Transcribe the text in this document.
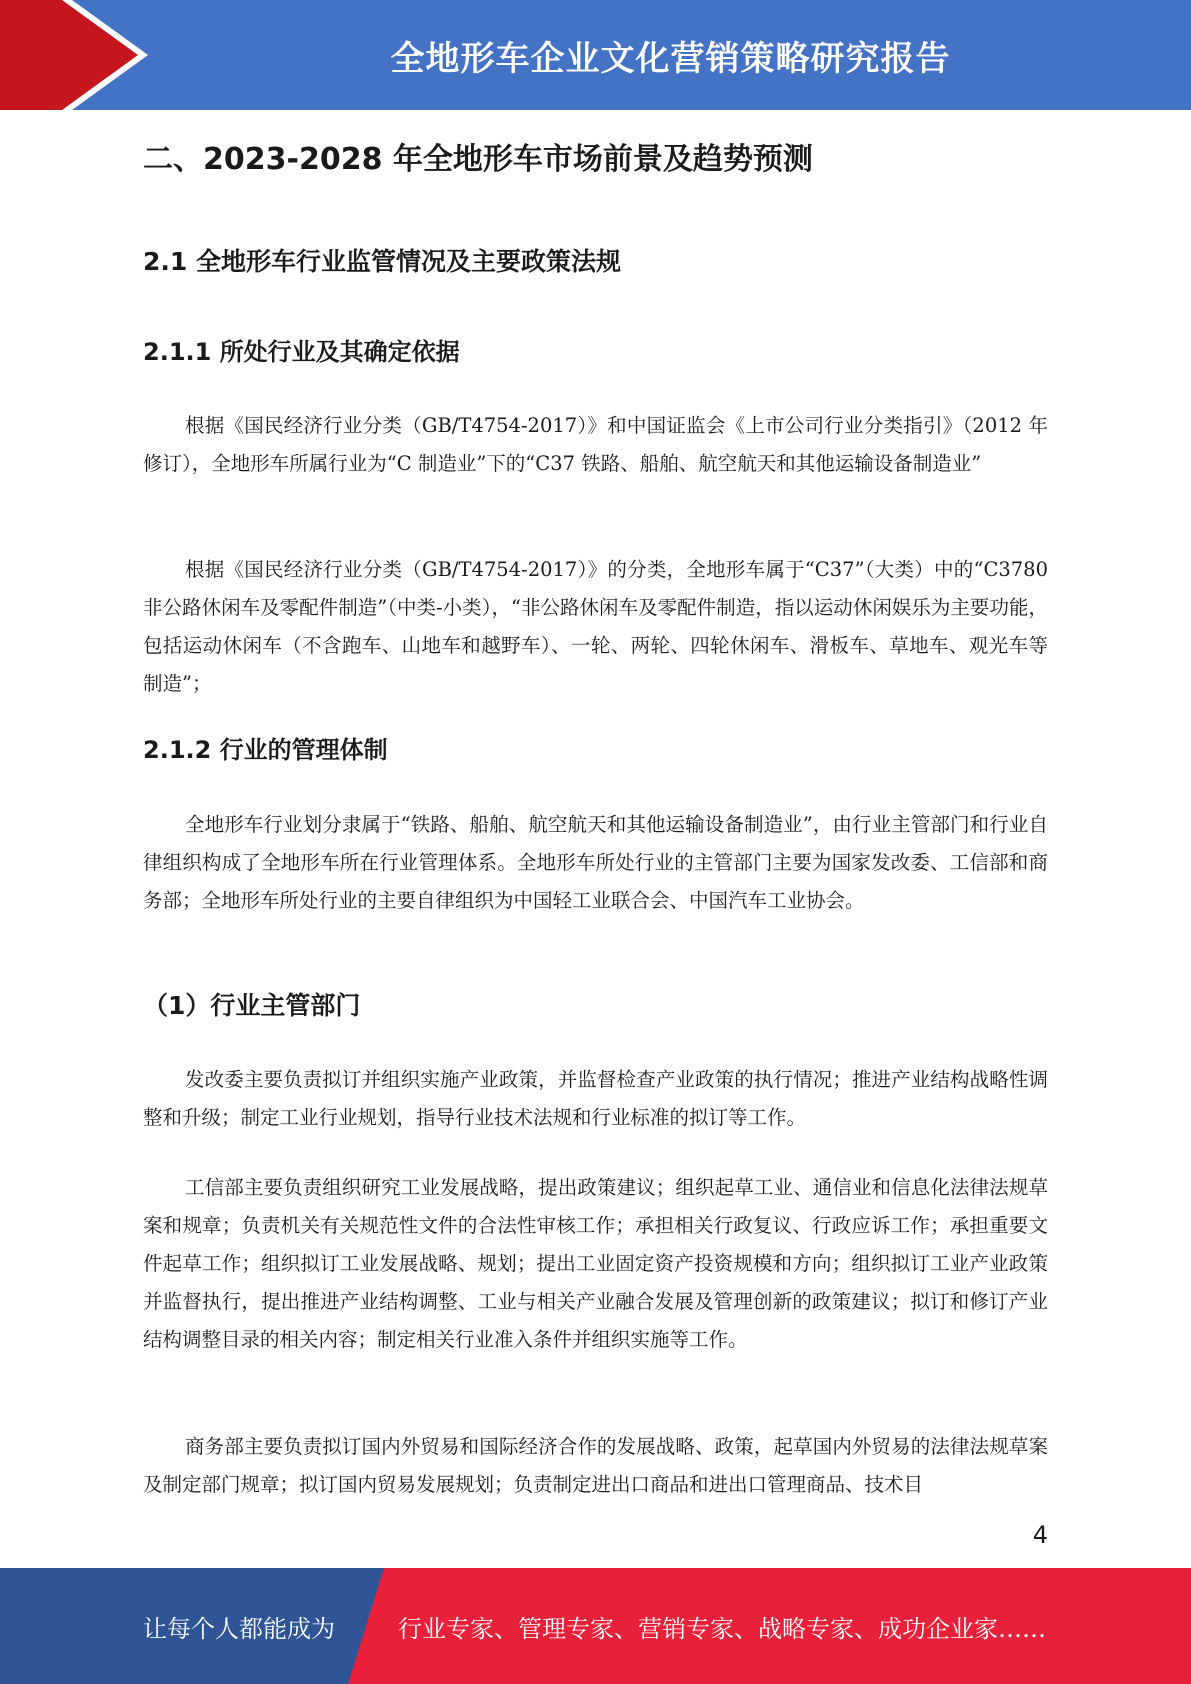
全地形车企业文化营销策略研究报告
二、2023-2028 年全地形车市场前景及趋势预测
2.1 全地形车行业监管情况及主要政策法规
2.1.1 所处行业及其确定依据

根据《国民经济行业分类（GB/T4754-2017）》和中国证监会《上市公司行业分类指引》（2012 年修订），全地形车所属行业为“C 制造业”下的“C37 铁路、船舶、航空航天和其他运输设备制造业”

根据《国民经济行业分类（GB/T4754-2017）》的分类，全地形车属于“C37”（大类）中的“C3780 非公路休闲车及零配件制造”（中类-小类），“非公路休闲车及零配件制造，指以运动休闲娱乐为主要功能，包括运动休闲车（不含跑车、山地车和越野车）、一轮、两轮、四轮休闲车、滑板车、草地车、观光车等制造”；

2.1.2 行业的管理体制

全地形车行业划分隶属于“铁路、船舶、航空航天和其他运输设备制造业”，由行业主管部门和行业自律组织构成了全地形车所在行业管理体系。全地形车所处行业的主管部门主要为国家发改委、工信部和商务部；全地形车所处行业的主要自律组织为中国轻工业联合会、中国汽车工业协会。

（1）行业主管部门

发改委主要负责拟订并组织实施产业政策，并监督检查产业政策的执行情况；推进产业结构战略性调整和升级；制定工业行业规划，指导行业技术法规和行业标准的拟订等工作。

工信部主要负责组织研究工业发展战略，提出政策建议；组织起草工业、通信业和信息化法律法规草案和规章；负责机关有关规范性文件的合法性审核工作；承担相关行政复议、行政应诉工作；承担重要文件起草工作；组织拟订工业发展战略、规划；提出工业固定资产投资规模和方向；组织拟订工业产业政策并监督执行，提出推进产业结构调整、工业与相关产业融合发展及管理创新的政策建议；拟订和修订产业结构调整目录的相关内容；制定相关行业准入条件并组织实施等工作。

商务部主要负责拟订国内外贸易和国际经济合作的发展战略、政策，起草国内外贸易的法律法规草案及制定部门规章；拟订国内贸易发展规划；负责制定进出口商品和进出口管理商品、技术目

4
让每个人都能成为	行业专家、管理专家、营销专家、战略专家、成功企业家……
